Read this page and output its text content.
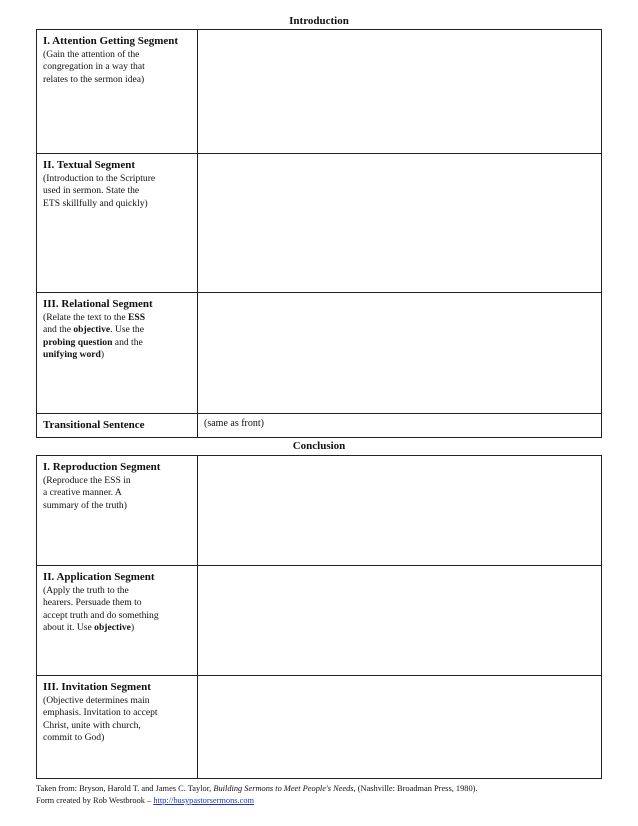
Introduction
I. Attention Getting Segment
(Gain the attention of the
congregation in a way that
relates to the sermon idea)	

II. Textual Segment
(Introduction to the Scripture
used in sermon. State the
ETS skillfully and quickly)	

III. Relational Segment
(Relate the text to the ESS
and the objective. Use the
probing question and the
unifying word)	

Transitional Sentence	(same as front)
Conclusion
I. Reproduction Segment
(Reproduce the ESS in
a creative manner. A
summary of the truth)	

II. Application Segment
(Apply the truth to the
hearers. Persuade them to
accept truth and do something
about it. Use objective)	

III. Invitation Segment
(Objective determines main
emphasis. Invitation to accept
Christ, unite with church,
commit to God)	

Taken from: Bryson, Harold T. and James C. Taylor, Building Sermons to Meet People's Needs, (Nashville: Broadman Press, 1980).
Form created by Rob Westbrook – http://busypastorsermons.com
